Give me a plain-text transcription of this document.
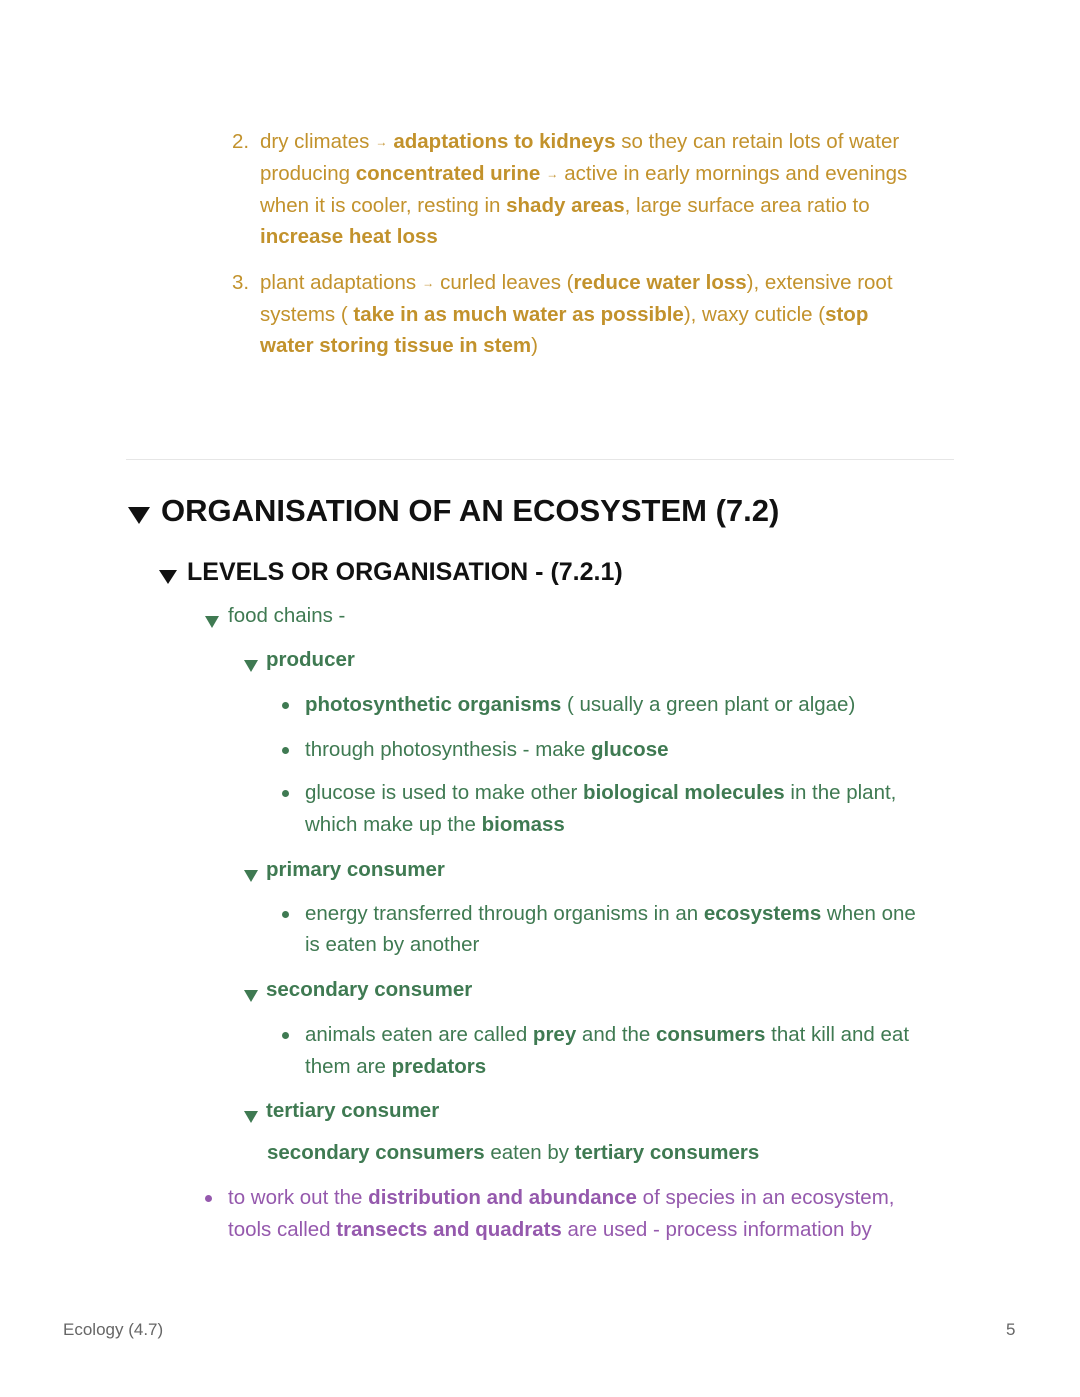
2. dry climates → adaptations to kidneys so they can retain lots of water
producing concentrated urine → active in early mornings and evenings
when it is cooler, resting in shady areas, large surface area ratio to
increase heat loss
3. plant adaptations → curled leaves (reduce water loss), extensive root
systems ( take in as much water as possible), waxy cuticle (stop
water storing tissue in stem)
ORGANISATION OF AN ECOSYSTEM (7.2)
LEVELS OR ORGANISATION - (7.2.1)
food chains -
producer
photosynthetic organisms ( usually a green plant or algae)
through photosynthesis - make glucose
glucose is used to make other biological molecules in the plant,
which make up the biomass
primary consumer
energy transferred through organisms in an ecosystems when one
is eaten by another
secondary consumer
animals eaten are called prey and the consumers that kill and eat
them are predators
tertiary consumer
secondary consumers eaten by tertiary consumers
to work out the distribution and abundance of species in an ecosystem,
tools called transects and quadrats are used - process information by
Ecology (4.7)	5
